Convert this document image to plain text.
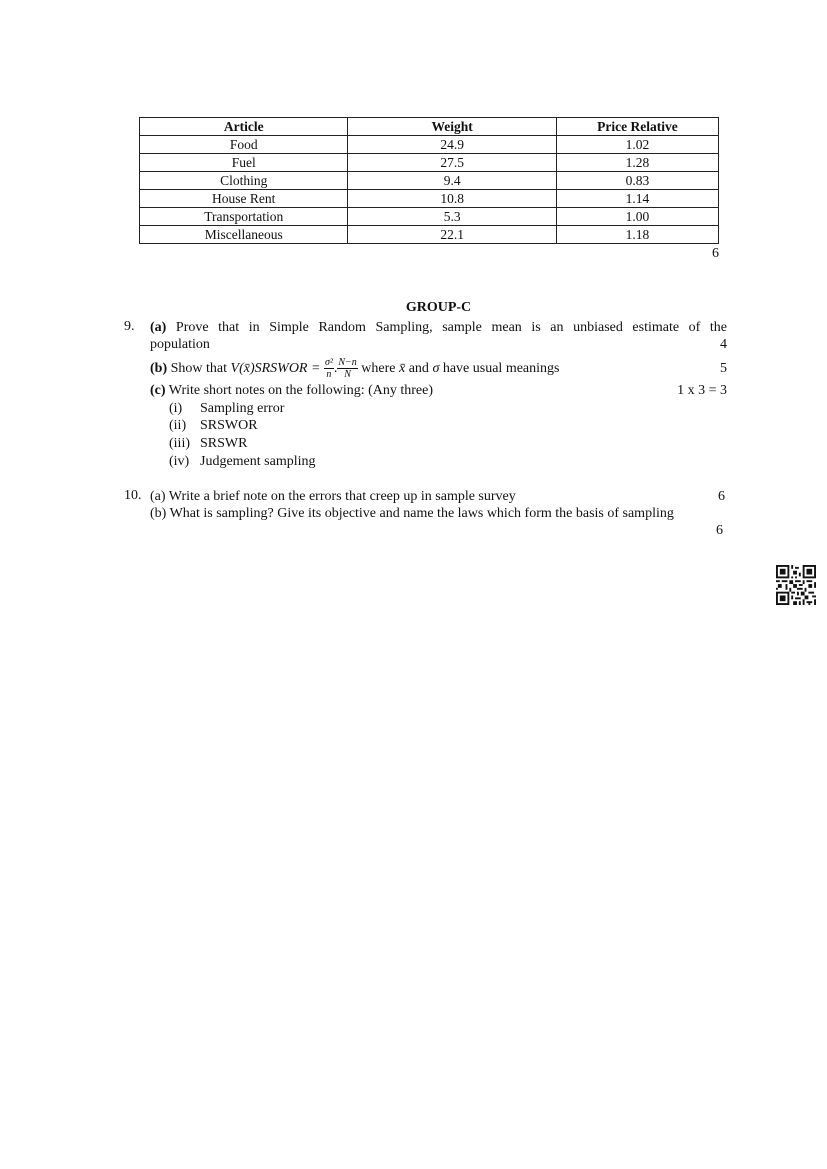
Article	Weight	Price Relative
Food	24.9	1.02
Fuel	27.5	1.28
Clothing	9.4	0.83
House Rent	10.8	1.14
Transportation	5.3	1.00
Miscellaneous	22.1	1.18
6
GROUP-C
9. (a) Prove that in Simple Random Sampling, sample mean is an unbiased estimate of the
population	4
(b) Show that V(x̄)SRSWOR = $\frac{\text{σ²}}{n}$ . $\frac{N-n}{N}$ where x̄ and σ have usual meanings	5
(c) Write short notes on the following: (Any three)	1 x 3 = 3
(i) Sampling error
(ii) SRSWOR
(iii) SRSWR
(iv) Judgement sampling
10. (a) Write a brief note on the errors that creep up in sample survey	6
(b) What is sampling? Give its objective and name the laws which form the basis of sampling
6
